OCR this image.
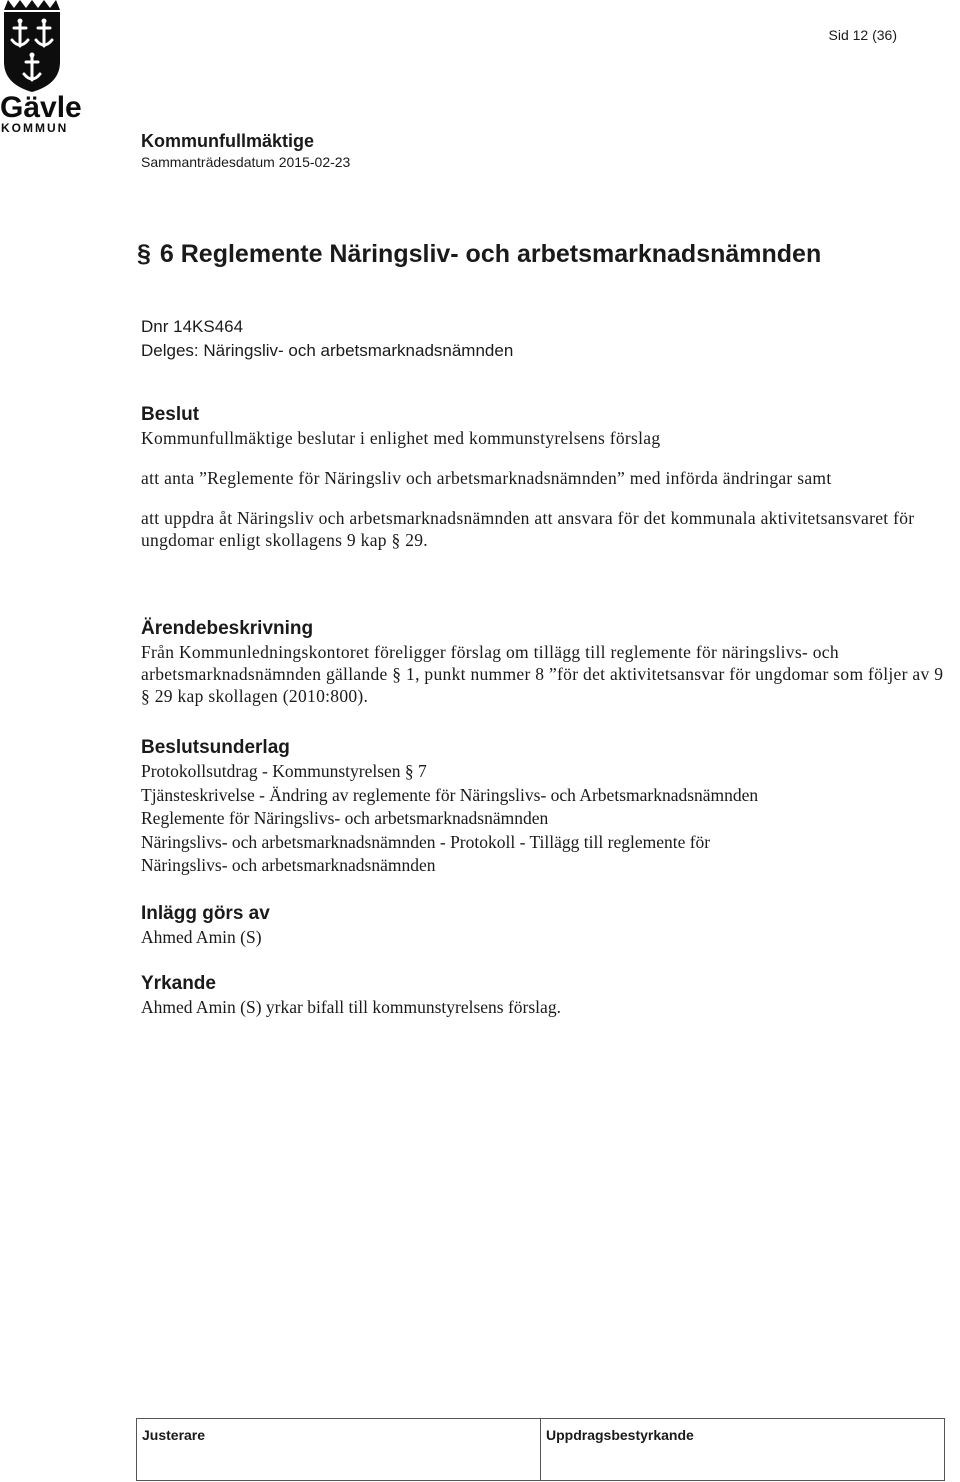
Gävle
KOMMUN
Sid 12 (36)
Kommunfullmäktige
Sammanträdesdatum 2015-02-23
§ 6 Reglemente Näringsliv- och arbetsmarknadsnämnden
Dnr 14KS464
Delges: Näringsliv- och arbetsmarknadsnämnden
Beslut

Kommunfullmäktige beslutar i enlighet med kommunstyrelsens förslag

att anta ”Reglemente för Näringsliv och arbetsmarknadsnämnden” med införda ändringar samt

att uppdra åt Näringsliv och arbetsmarknadsnämnden att ansvara för det kommunala aktivitetsansvaret för ungdomar enligt skollagens 9 kap § 29.

Ärendebeskrivning

Från Kommunledningskontoret föreligger förslag om tillägg till reglemente för näringslivs- och arbetsmarknadsnämnden gällande § 1, punkt nummer 8 ”för det aktivitetsansvar för ungdomar som följer av 9 § 29 kap skollagen (2010:800).

Beslutsunderlag

Protokollsutdrag - Kommunstyrelsen § 7

Tjänsteskrivelse - Ändring av reglemente för Näringslivs- och Arbetsmarknadsnämnden

Reglemente för Näringslivs- och arbetsmarknadsnämnden

Näringslivs- och arbetsmarknadsnämnden - Protokoll - Tillägg till reglemente för

Näringslivs- och arbetsmarknadsnämnden

Inlägg görs av

Ahmed Amin (S)

Yrkande

Ahmed Amin (S) yrkar bifall till kommunstyrelsens förslag.

Justerare	Uppdragsbestyrkande
